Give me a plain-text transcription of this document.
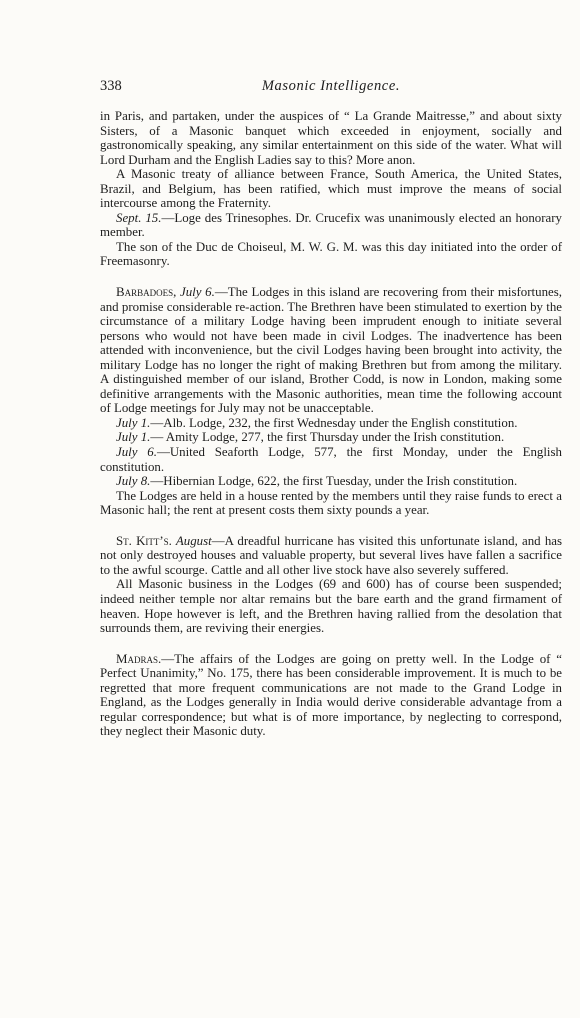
338	Masonic Intelligence.

in Paris, and partaken, under the auspices of “ La Grande Maitresse,” and about sixty Sisters, of a Masonic banquet which exceeded in enjoyment, socially and gastronomically speaking, any similar entertainment on this side of the water. What will Lord Durham and the English Ladies say to this? More anon.

A Masonic treaty of alliance between France, South America, the United States, Brazil, and Belgium, has been ratified, which must improve the means of social intercourse among the Fraternity.

Sept. 15.—Loge des Trinesophes. Dr. Crucefix was unanimously elected an honorary member.

The son of the Duc de Choiseul, M. W. G. M. was this day initiated into the order of Freemasonry.

Barbadoes, July 6.—The Lodges in this island are recovering from their misfortunes, and promise considerable re-action. The Brethren have been stimulated to exertion by the circumstance of a military Lodge having been imprudent enough to initiate several persons who would not have been made in civil Lodges. The inadvertence has been attended with inconvenience, but the civil Lodges having been brought into activity, the military Lodge has no longer the right of making Brethren but from among the military. A distinguished member of our island, Brother Codd, is now in London, making some definitive arrangements with the Masonic authorities, mean time the following account of Lodge meetings for July may not be unacceptable.

July 1.—Alb. Lodge, 232, the first Wednesday under the English constitution.

July 1.— Amity Lodge, 277, the first Thursday under the Irish constitution.

July 6.—United Seaforth Lodge, 577, the first Monday, under the English constitution.

July 8.—Hibernian Lodge, 622, the first Tuesday, under the Irish constitution.

The Lodges are held in a house rented by the members until they raise funds to erect a Masonic hall; the rent at present costs them sixty pounds a year.

St. Kitt’s. August—A dreadful hurricane has visited this unfortunate island, and has not only destroyed houses and valuable property, but several lives have fallen a sacrifice to the awful scourge. Cattle and all other live stock have also severely suffered.

All Masonic business in the Lodges (69 and 600) has of course been suspended; indeed neither temple nor altar remains but the bare earth and the grand firmament of heaven. Hope however is left, and the Brethren having rallied from the desolation that surrounds them, are reviving their energies.

Madras.—The affairs of the Lodges are going on pretty well. In the Lodge of “ Perfect Unanimity,” No. 175, there has been considerable improvement. It is much to be regretted that more frequent communications are not made to the Grand Lodge in England, as the Lodges generally in India would derive considerable advantage from a regular correspondence; but what is of more importance, by neglecting to correspond, they neglect their Masonic duty.
